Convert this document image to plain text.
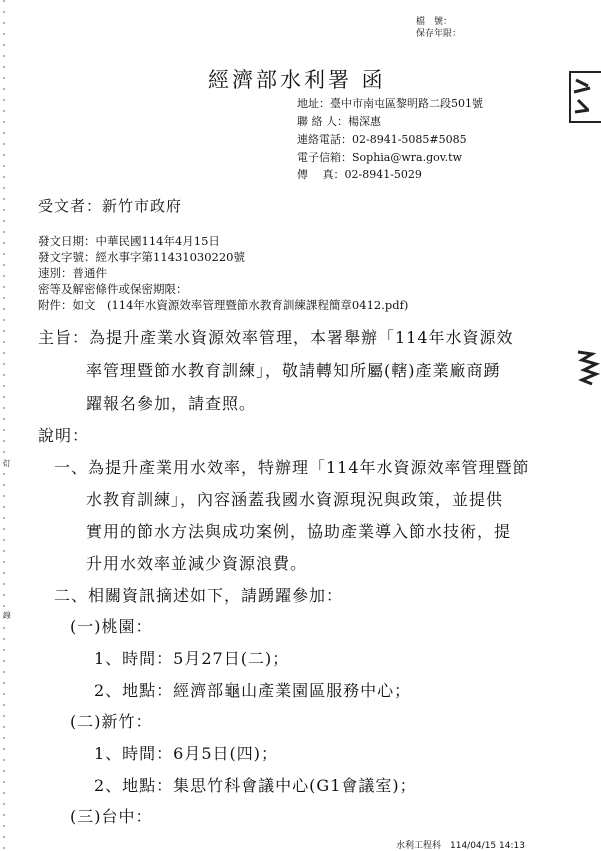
訂
線
檔　號：
保存年限：
經濟部水利署 函
地址：臺中市南屯區黎明路二段501號
聯 絡 人：楊深惠
連絡電話：02-8941-5085#5085
電子信箱：Sophia@wra.gov.tw
傳　 真：02-8941-5029
受文者：新竹市政府
發文日期：中華民國114年4月15日
發文字號：經水事字第11431030220號
速別：普通件
密等及解密條件或保密期限：
附件：如文　(114年水資源效率管理暨節水教育訓練課程簡章0412.pdf)
主旨：為提升產業水資源效率管理，本署舉辦「114年水資源效
率管理暨節水教育訓練」，敬請轉知所屬(轄)產業廠商踴
躍報名參加，請查照。
說明：
一、為提升產業用水效率，特辦理「114年水資源效率管理暨節
水教育訓練」，內容涵蓋我國水資源現況與政策，並提供
實用的節水方法與成功案例，協助產業導入節水技術，提
升用水效率並減少資源浪費。
二、相關資訊摘述如下，請踴躍參加：
(一)桃園：
1、時間：5月27日(二)；
2、地點：經濟部龜山產業園區服務中心；
(二)新竹：
1、時間：6月5日(四)；
2、地點：集思竹科會議中心(G1會議室)；
(三)台中：
水利工程科　114/04/15 14:13
